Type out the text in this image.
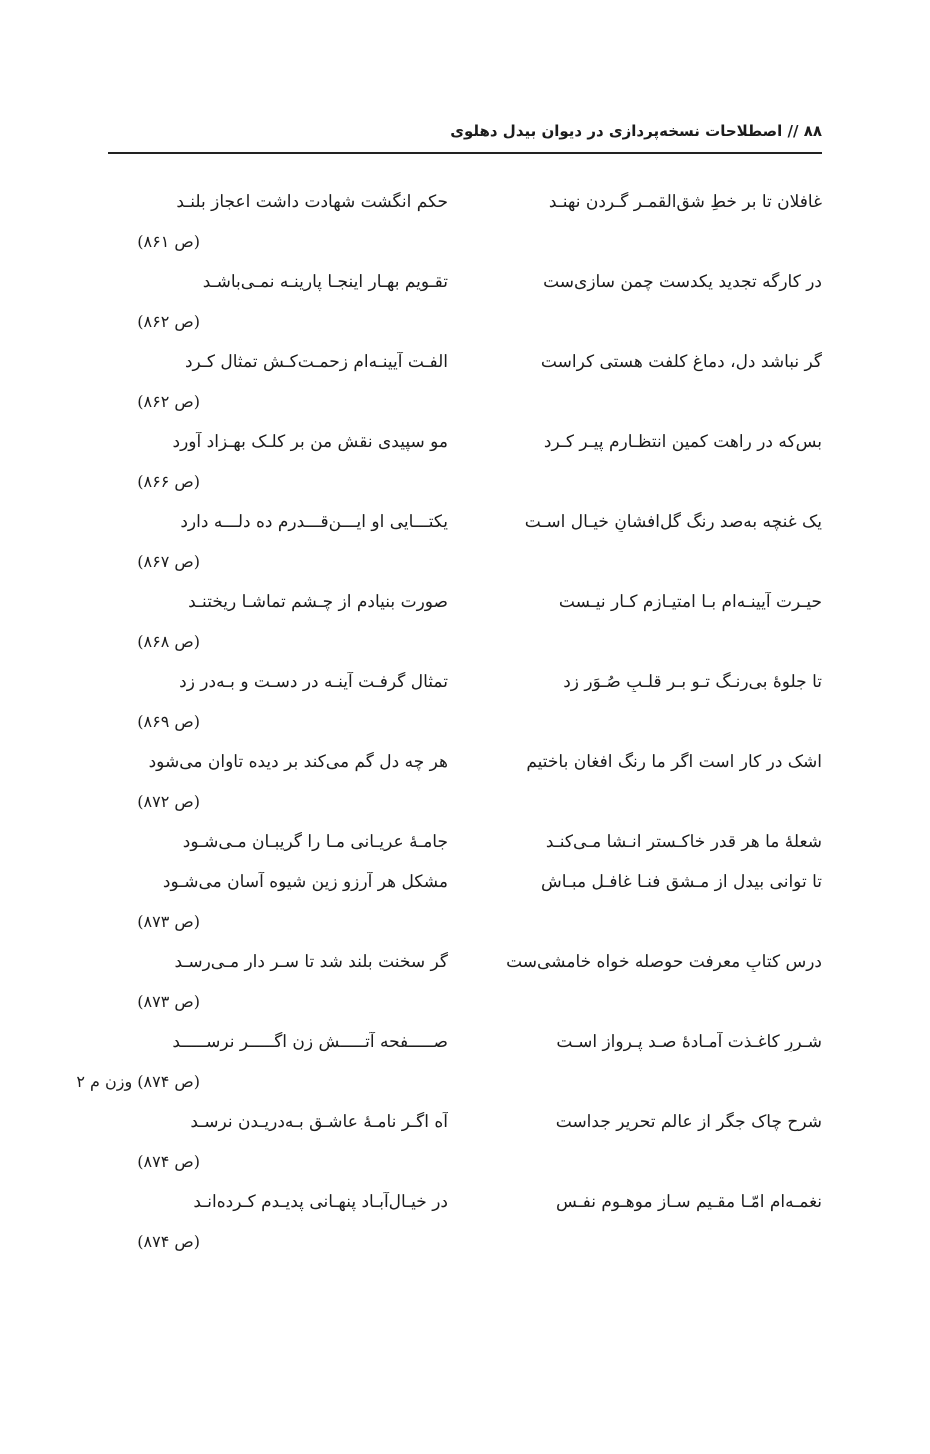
۸۸ // اصطلاحات نسخه‌پردازی در دیوان بیدل دهلوی
غافلان تا بر خطِ شق‌القمـر گـردن نهنـد
حکمِ انگشت شهادت داشت اعجاز بلنـد
(ص ۸۶۱)
در کارگه تجدید یکدست چمن سازی‌ست
تقـویم بهـار اینجـا پارینـه نمـی‌باشـد
(ص ۸۶۲)
گر نباشد دل، دماغ کلفت هستی کراست
الفـت آیینـه‌ام زحمـت‌کـشِ تمثال کـرد
(ص ۸۶۲)
بس‌که در راهت کمین انتظـارم پیـر کـرد
مو سپیدی نقشِ من بر کلـک بهـزاد آورد
(ص ۸۶۶)
یک غنچه به‌صد رنگ گل‌افشانِ خیـال اسـت
یکتـــایی او ایـــن‌قـــدرم ده دلـــه دارد
(ص ۸۶۷)
حیـرت آیینـه‌ام بـا امتیـازم کـار نیـست
صورت بنیادم از چـشم تماشـا ریختنـد
(ص ۸۶۸)
تا جلوهٔ بی‌رنـگ تـو بـر قلـبِ صُـوَر زد
تمثال گرفـت آینـه در دسـت و بـه‌در زد
(ص ۸۶۹)
اشک در کار است اگر ما رنگ افغان باختیم
هر چه دل گم می‌کند بر دیده تاوان می‌شود
(ص ۸۷۲)
شعلهٔ ما هر قدر خاکـستر انـشا مـی‌کنـد
جامـهٔ عریـانی مـا را گریبـان مـی‌شـود
تا توانی بیدل از مـشقِ فنـا غافـل مبـاش
مشکل هر آرزو زین شیوه آسان می‌شـود
(ص ۸۷۳)
درسِ کتابِ معرفت حوصله خواه خامشی‌ست
گر سخنت بلند شد تا سـر دار مـی‌رسـد
(ص ۸۷۳)
شـررِ کاغـذت آمـادهٔ صـد پـرواز اسـت
صـــــفحه آتـــــش زن اگـــــر نرســـــد
(ص ۸۷۴) وزن م ۲
شرح چاک جگر از عالمِ تحریر جداست
آه اگـر نامـهٔ عاشـق بـه‌دریـدن نرسـد
(ص ۸۷۴)
نغمـه‌ام امّـا مقـیم سـاز موهـوم نفـس
در خیـال‌آبـاد پنهـانی پدیـدم کـرده‌انـد
(ص ۸۷۴)
